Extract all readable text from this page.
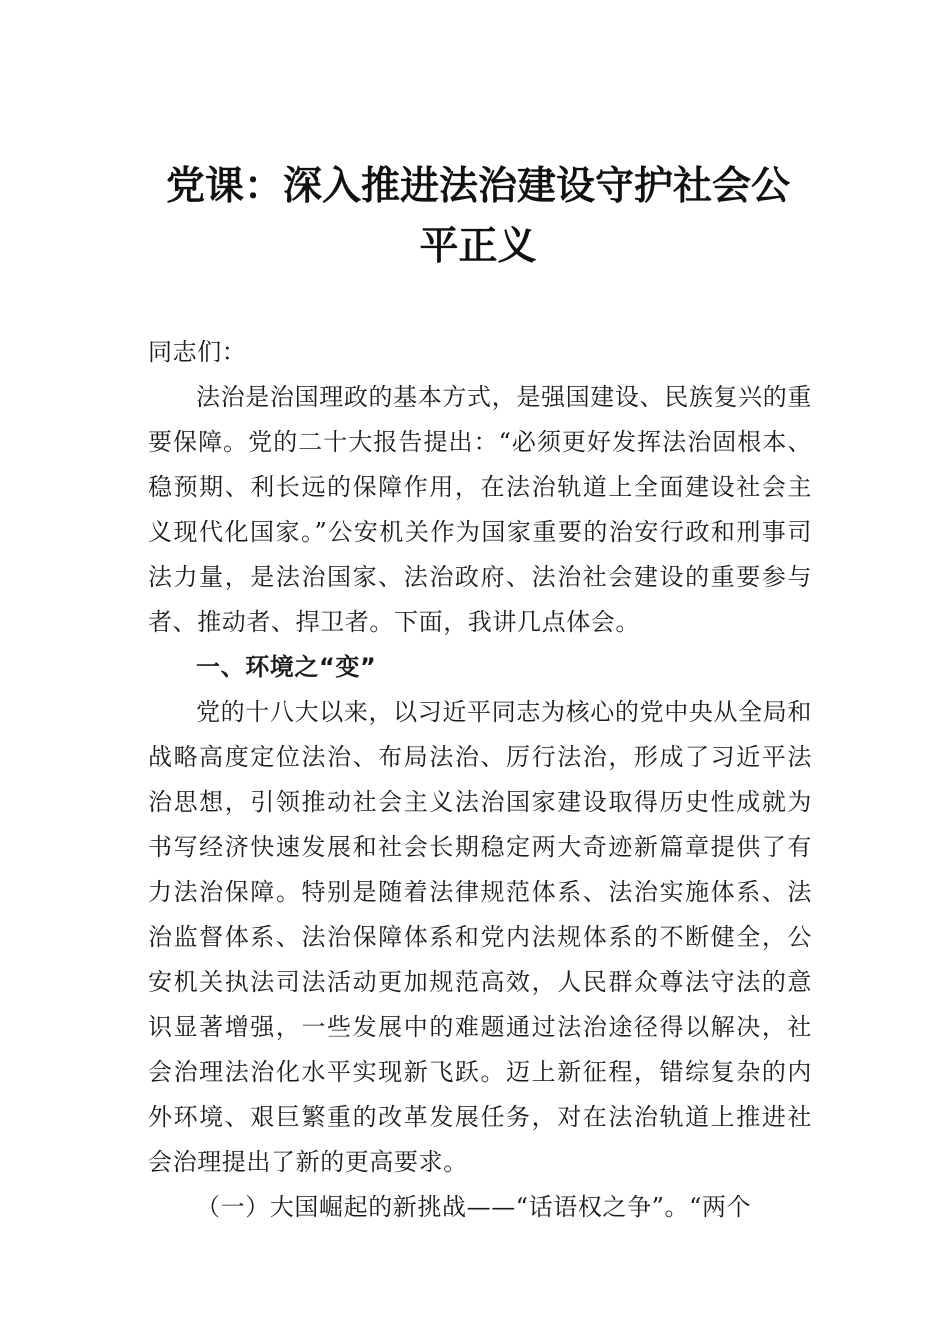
党课：深入推进法治建设守护社会公平正义

同志们：

法治是治国理政的基本方式，是强国建设、民族复兴的重要保障。党的二十大报告提出：“必须更好发挥法治固根本、稳预期、利长远的保障作用，在法治轨道上全面建设社会主义现代化国家。”公安机关作为国家重要的治安行政和刑事司法力量，是法治国家、法治政府、法治社会建设的重要参与者、推动者、捍卫者。下面，我讲几点体会。

一、环境之“变”

党的十八大以来，以习近平同志为核心的党中央从全局和战略高度定位法治、布局法治、厉行法治，形成了习近平法治思想，引领推动社会主义法治国家建设取得历史性成就为书写经济快速发展和社会长期稳定两大奇迹新篇章提供了有力法治保障。特别是随着法律规范体系、法治实施体系、法治监督体系、法治保障体系和党内法规体系的不断健全，公安机关执法司法活动更加规范高效，人民群众尊法守法的意识显著增强，一些发展中的难题通过法治途径得以解决，社会治理法治化水平实现新飞跃。迈上新征程，错综复杂的内外环境、艰巨繁重的改革发展任务，对在法治轨道上推进社会治理提出了新的更高要求。

（一）大国崛起的新挑战——“话语权之争”。“两个
